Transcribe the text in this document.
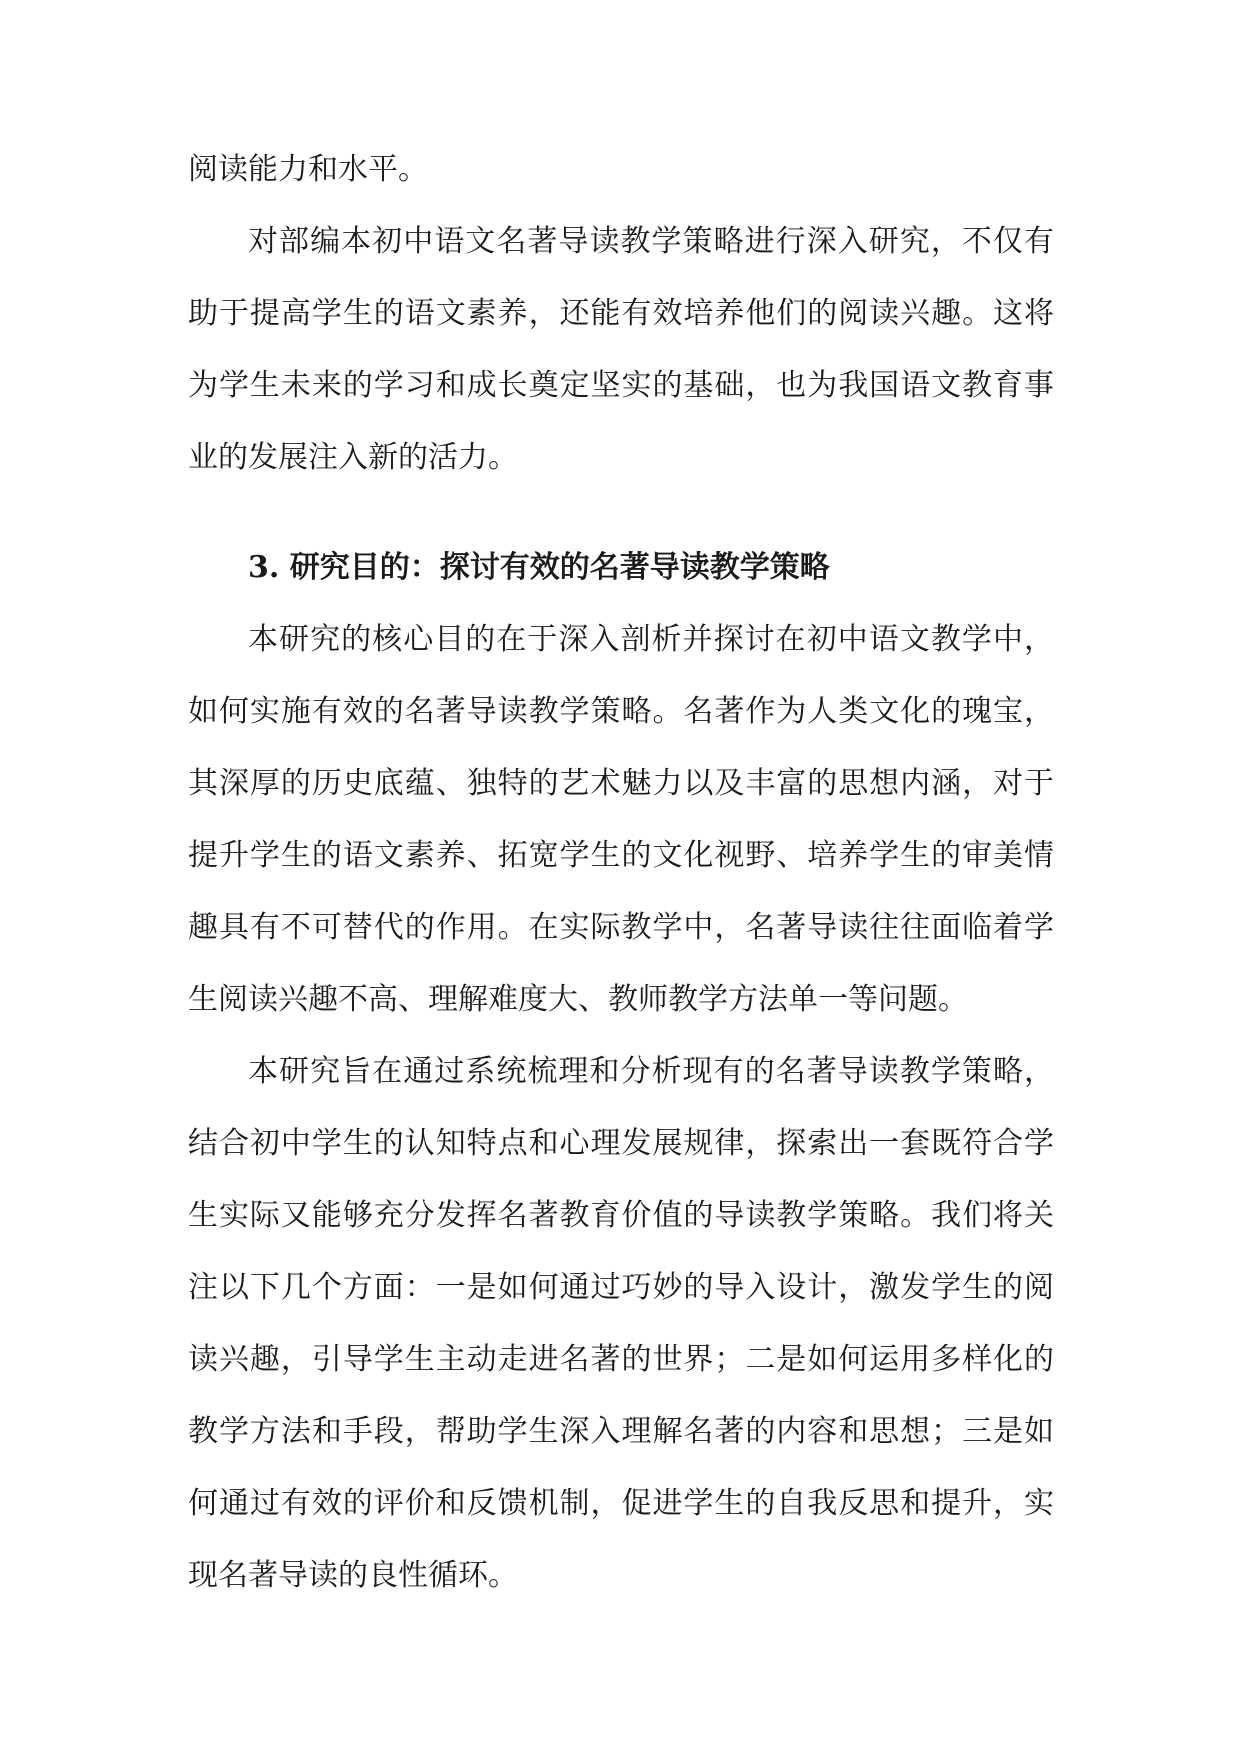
阅读能力和水平。

对部编本初中语文名著导读教学策略进行深入研究，不仅有助于提高学生的语文素养，还能有效培养他们的阅读兴趣。这将为学生未来的学习和成长奠定坚实的基础，也为我国语文教育事业的发展注入新的活力。

3. 研究目的：探讨有效的名著导读教学策略

本研究的核心目的在于深入剖析并探讨在初中语文教学中，如何实施有效的名著导读教学策略。名著作为人类文化的瑰宝，其深厚的历史底蕴、独特的艺术魅力以及丰富的思想内涵，对于提升学生的语文素养、拓宽学生的文化视野、培养学生的审美情趣具有不可替代的作用。在实际教学中，名著导读往往面临着学生阅读兴趣不高、理解难度大、教师教学方法单一等问题。

本研究旨在通过系统梳理和分析现有的名著导读教学策略，结合初中学生的认知特点和心理发展规律，探索出一套既符合学生实际又能够充分发挥名著教育价值的导读教学策略。我们将关注以下几个方面：一是如何通过巧妙的导入设计，激发学生的阅读兴趣，引导学生主动走进名著的世界；二是如何运用多样化的教学方法和手段，帮助学生深入理解名著的内容和思想；三是如何通过有效的评价和反馈机制，促进学生的自我反思和提升，实现名著导读的良性循环。
